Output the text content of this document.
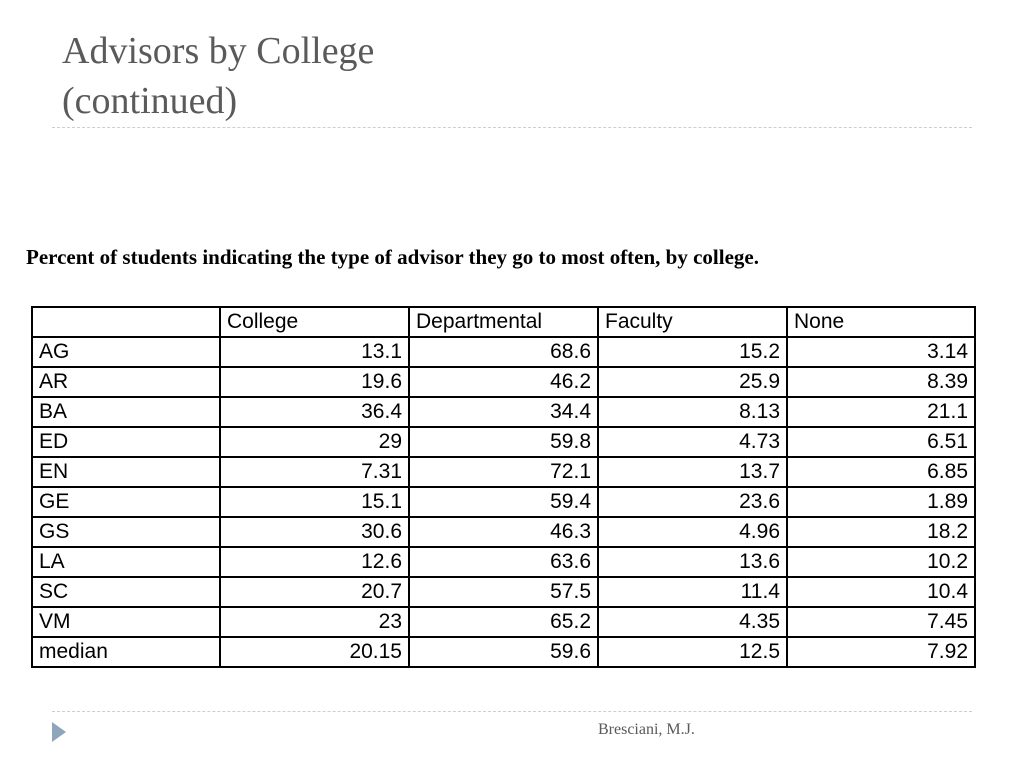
Advisors by College
(continued)

Percent of students indicating the type of advisor they go to most often, by college.

	College	Departmental	Faculty	None
AG	13.1	68.6	15.2	3.14
AR	19.6	46.2	25.9	8.39
BA	36.4	34.4	8.13	21.1
ED	29	59.8	4.73	6.51
EN	7.31	72.1	13.7	6.85
GE	15.1	59.4	23.6	1.89
GS	30.6	46.3	4.96	18.2
LA	12.6	63.6	13.6	10.2
SC	20.7	57.5	11.4	10.4
VM	23	65.2	4.35	7.45
median	20.15	59.6	12.5	7.92
Bresciani, M.J.
